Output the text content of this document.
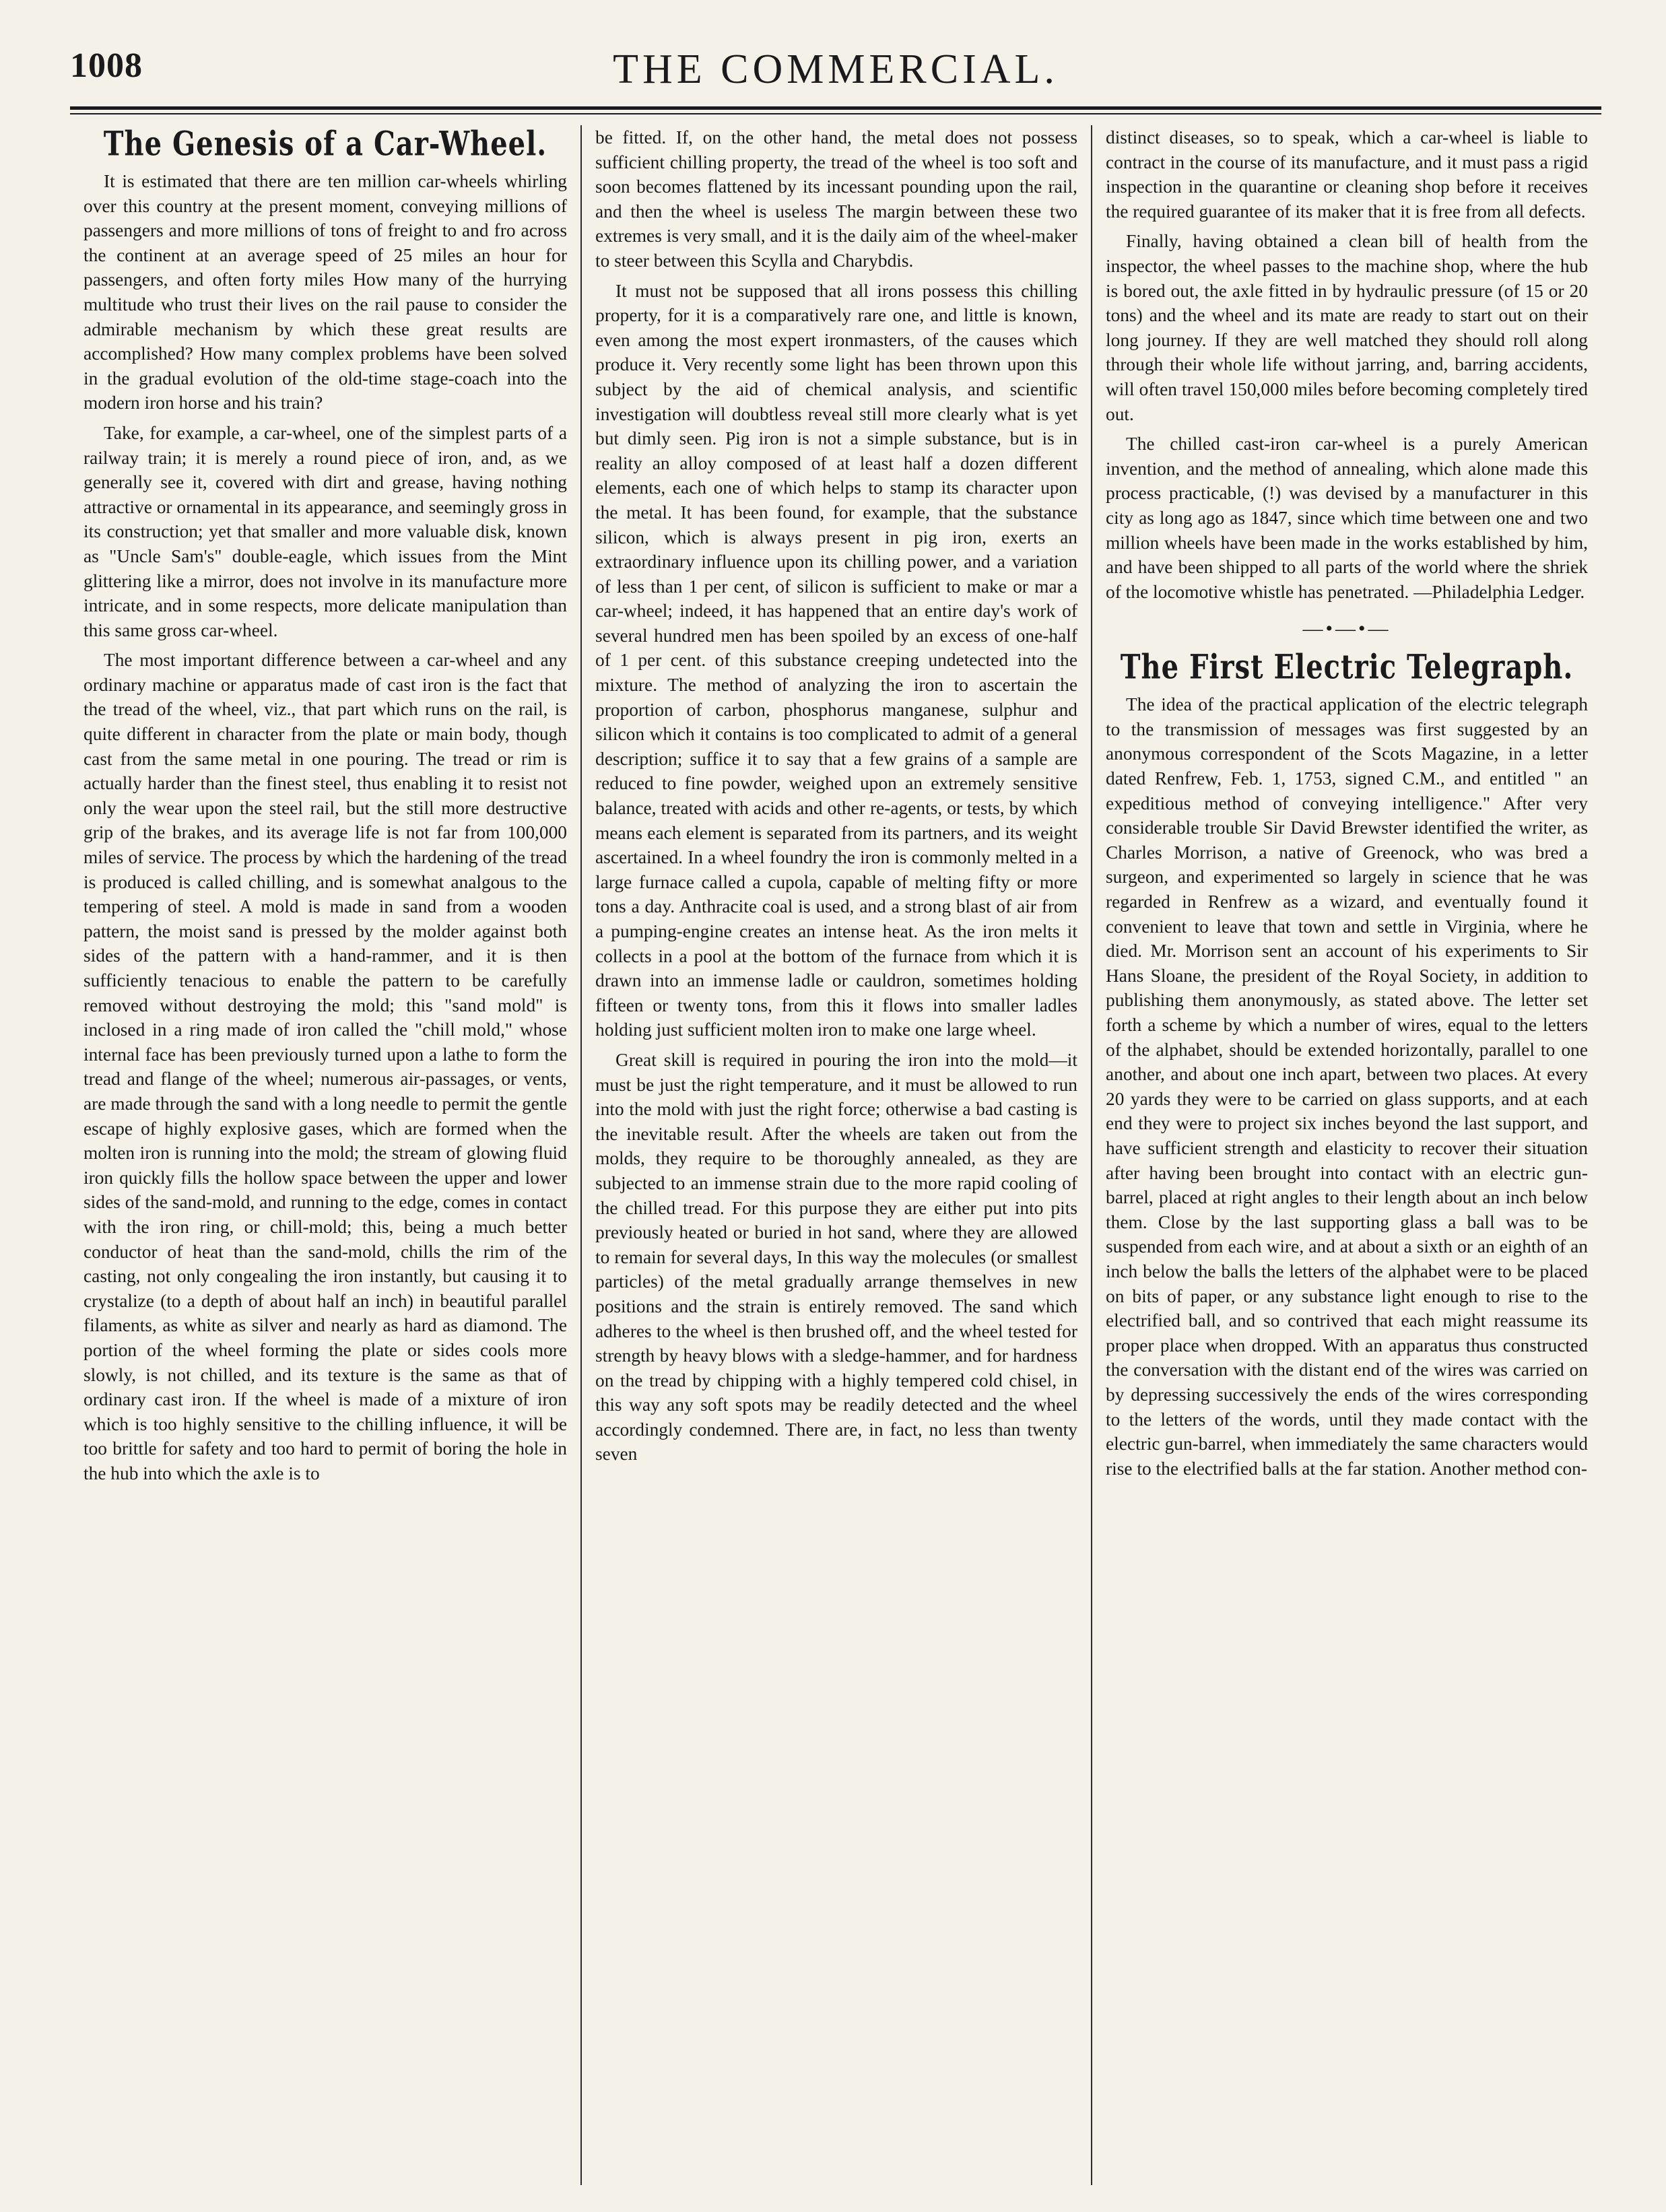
1008	THE COMMERCIAL.
The Genesis of a Car-Wheel.

It is estimated that there are ten million car-wheels whirling over this country at the present moment, conveying millions of passengers and more millions of tons of freight to and fro across the continent at an average speed of 25 miles an hour for passengers, and often forty miles How many of the hurrying multitude who trust their lives on the rail pause to consider the admirable mechanism by which these great results are accomplished? How many complex problems have been solved in the gradual evolution of the old-time stage-coach into the modern iron horse and his train?

Take, for example, a car-wheel, one of the simplest parts of a railway train; it is merely a round piece of iron, and, as we generally see it, covered with dirt and grease, having nothing attractive or ornamental in its appearance, and seemingly gross in its construction; yet that smaller and more valuable disk, known as "Uncle Sam's" double-eagle, which issues from the Mint glittering like a mirror, does not involve in its manufacture more intricate, and in some respects, more delicate manipulation than this same gross car-wheel.

The most important difference between a car-wheel and any ordinary machine or apparatus made of cast iron is the fact that the tread of the wheel, viz., that part which runs on the rail, is quite different in character from the plate or main body, though cast from the same metal in one pouring. The tread or rim is actually harder than the finest steel, thus enabling it to resist not only the wear upon the steel rail, but the still more destructive grip of the brakes, and its average life is not far from 100,000 miles of service. The process by which the hardening of the tread is produced is called chilling, and is somewhat analgous to the tempering of steel. A mold is made in sand from a wooden pattern, the moist sand is pressed by the molder against both sides of the pattern with a hand-rammer, and it is then sufficiently tenacious to enable the pattern to be carefully removed without destroying the mold; this "sand mold" is inclosed in a ring made of iron called the "chill mold," whose internal face has been previously turned upon a lathe to form the tread and flange of the wheel; numerous air-passages, or vents, are made through the sand with a long needle to permit the gentle escape of highly explosive gases, which are formed when the molten iron is running into the mold; the stream of glowing fluid iron quickly fills the hollow space between the upper and lower sides of the sand-mold, and running to the edge, comes in contact with the iron ring, or chill-mold; this, being a much better conductor of heat than the sand-mold, chills the rim of the casting, not only congealing the iron instantly, but causing it to crystalize (to a depth of about half an inch) in beautiful parallel filaments, as white as silver and nearly as hard as diamond. The portion of the wheel forming the plate or sides cools more slowly, is not chilled, and its texture is the same as that of ordinary cast iron. If the wheel is made of a mixture of iron which is too highly sensitive to the chilling influence, it will be too brittle for safety and too hard to permit of boring the hole in the hub into which the axle is to

be fitted. If, on the other hand, the metal does not possess sufficient chilling property, the tread of the wheel is too soft and soon becomes flattened by its incessant pounding upon the rail, and then the wheel is useless The margin between these two extremes is very small, and it is the daily aim of the wheel-maker to steer between this Scylla and Charybdis.

It must not be supposed that all irons possess this chilling property, for it is a comparatively rare one, and little is known, even among the most expert ironmasters, of the causes which produce it. Very recently some light has been thrown upon this subject by the aid of chemical analysis, and scientific investigation will doubtless reveal still more clearly what is yet but dimly seen. Pig iron is not a simple substance, but is in reality an alloy composed of at least half a dozen different elements, each one of which helps to stamp its character upon the metal. It has been found, for example, that the substance silicon, which is always present in pig iron, exerts an extraordinary influence upon its chilling power, and a variation of less than 1 per cent, of silicon is sufficient to make or mar a car-wheel; indeed, it has happened that an entire day's work of several hundred men has been spoiled by an excess of one-half of 1 per cent. of this substance creeping undetected into the mixture. The method of analyzing the iron to ascertain the proportion of carbon, phosphorus manganese, sulphur and silicon which it contains is too complicated to admit of a general description; suffice it to say that a few grains of a sample are reduced to fine powder, weighed upon an extremely sensitive balance, treated with acids and other re-agents, or tests, by which means each element is separated from its partners, and its weight ascertained. In a wheel foundry the iron is commonly melted in a large furnace called a cupola, capable of melting fifty or more tons a day. Anthracite coal is used, and a strong blast of air from a pumping-engine creates an intense heat. As the iron melts it collects in a pool at the bottom of the furnace from which it is drawn into an immense ladle or cauldron, sometimes holding fifteen or twenty tons, from this it flows into smaller ladles holding just sufficient molten iron to make one large wheel.

Great skill is required in pouring the iron into the mold—it must be just the right temperature, and it must be allowed to run into the mold with just the right force; otherwise a bad casting is the inevitable result. After the wheels are taken out from the molds, they require to be thoroughly annealed, as they are subjected to an immense strain due to the more rapid cooling of the chilled tread. For this purpose they are either put into pits previously heated or buried in hot sand, where they are allowed to remain for several days, In this way the molecules (or smallest particles) of the metal gradually arrange themselves in new positions and the strain is entirely removed. The sand which adheres to the wheel is then brushed off, and the wheel tested for strength by heavy blows with a sledge-hammer, and for hardness on the tread by chipping with a highly tempered cold chisel, in this way any soft spots may be readily detected and the wheel accordingly condemned. There are, in fact, no less than twenty seven

distinct diseases, so to speak, which a car-wheel is liable to contract in the course of its manufacture, and it must pass a rigid inspection in the quarantine or cleaning shop before it receives the required guarantee of its maker that it is free from all defects.

Finally, having obtained a clean bill of health from the inspector, the wheel passes to the machine shop, where the hub is bored out, the axle fitted in by hydraulic pressure (of 15 or 20 tons) and the wheel and its mate are ready to start out on their long journey. If they are well matched they should roll along through their whole life without jarring, and, barring accidents, will often travel 150,000 miles before becoming completely tired out.

The chilled cast-iron car-wheel is a purely American invention, and the method of annealing, which alone made this process practicable, (!) was devised by a manufacturer in this city as long ago as 1847, since which time between one and two million wheels have been made in the works established by him, and have been shipped to all parts of the world where the shriek of the locomotive whistle has penetrated. —Philadelphia Ledger.

—•—•—
The First Electric Telegraph.

The idea of the practical application of the electric telegraph to the transmission of messages was first suggested by an anonymous correspondent of the Scots Magazine, in a letter dated Renfrew, Feb. 1, 1753, signed C.M., and entitled " an expeditious method of conveying intelligence." After very considerable trouble Sir David Brewster identified the writer, as Charles Morrison, a native of Greenock, who was bred a surgeon, and experimented so largely in science that he was regarded in Renfrew as a wizard, and eventually found it convenient to leave that town and settle in Virginia, where he died. Mr. Morrison sent an account of his experiments to Sir Hans Sloane, the president of the Royal Society, in addition to publishing them anonymously, as stated above. The letter set forth a scheme by which a number of wires, equal to the letters of the alphabet, should be extended horizontally, parallel to one another, and about one inch apart, between two places. At every 20 yards they were to be carried on glass supports, and at each end they were to project six inches beyond the last support, and have sufficient strength and elasticity to recover their situation after having been brought into contact with an electric gun-barrel, placed at right angles to their length about an inch below them. Close by the last supporting glass a ball was to be suspended from each wire, and at about a sixth or an eighth of an inch below the balls the letters of the alphabet were to be placed on bits of paper, or any substance light enough to rise to the electrified ball, and so contrived that each might reassume its proper place when dropped. With an apparatus thus constructed the conversation with the distant end of the wires was carried on by depressing successively the ends of the wires corresponding to the letters of the words, until they made contact with the electric gun-barrel, when immediately the same characters would rise to the electrified balls at the far station. Another method con-
